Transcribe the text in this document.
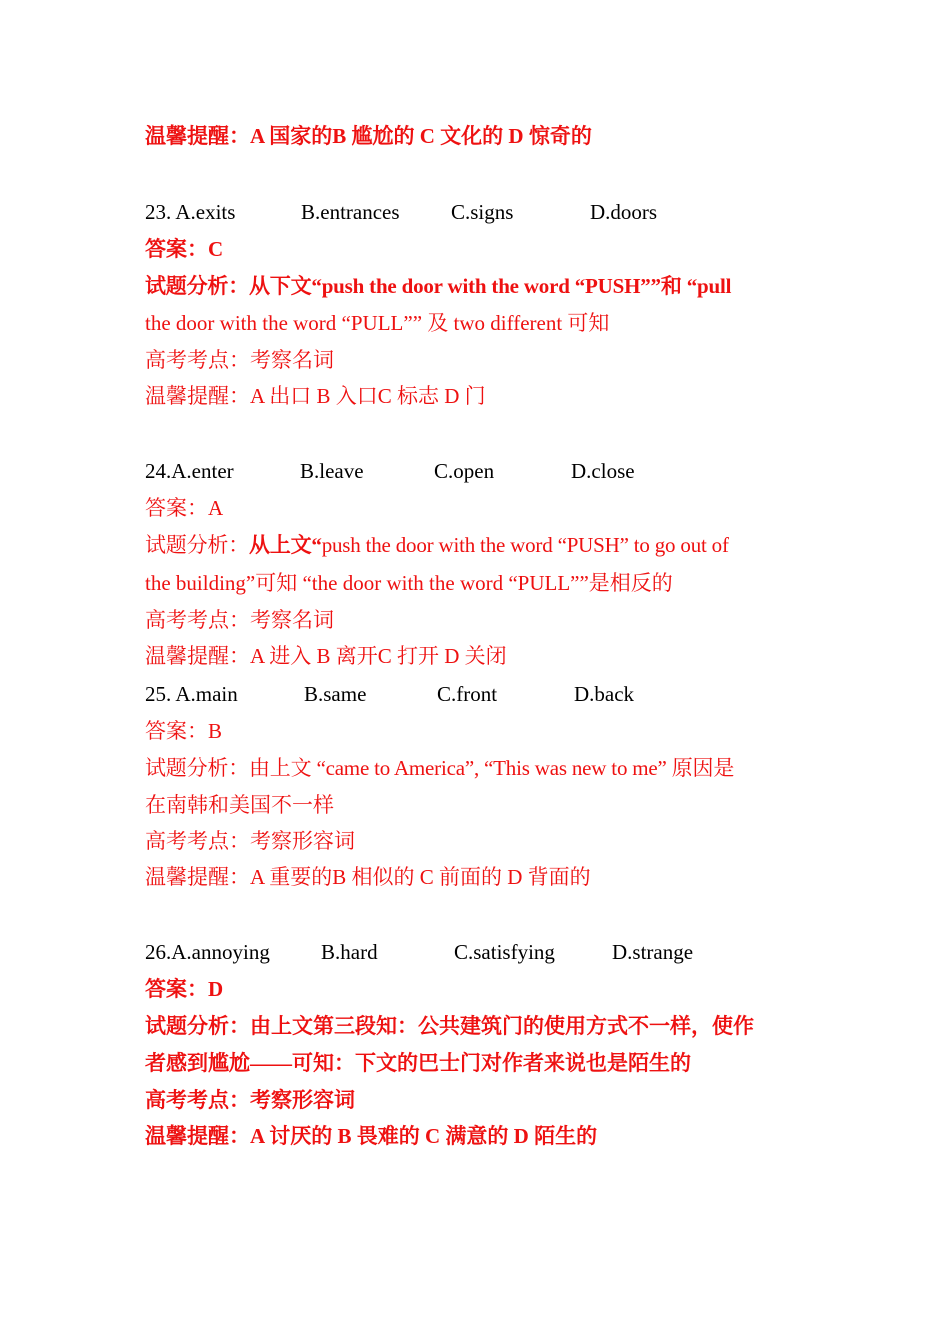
温馨提醒：A 国家的B 尴尬的 C 文化的 D 惊奇的
23. A.exits	B.entrances C.signs	D.doors
答案：C
试题分析：从下文“push the door with the word “PUSH””和 “pull
the door with the word “PULL”” 及 two different 可知
高考考点：考察名词
温馨提醒：A 出口 B 入口C 标志 D 门
24.A.enter	B.leave	C.open	D.close
答案：A
试题分析：从上文“push the door with the word “PUSH” to go out of
the building”可知 “the door with the word “PULL””是相反的
高考考点：考察名词
温馨提醒：A 进入 B 离开C 打开 D 关闭
25. A.main	B.same	C.front	D.back
答案：B
试题分析：由上文 “came to America”, “This was new to me” 原因是
在南韩和美国不一样
高考考点：考察形容词
温馨提醒：A 重要的B 相似的 C 前面的 D 背面的
26.A.annoying B.hard	C.satisfying	D.strange
答案：D
试题分析：由上文第三段知：公共建筑门的使用方式不一样，使作
者感到尴尬——可知：下文的巴士门对作者来说也是陌生的
高考考点：考察形容词
温馨提醒：A 讨厌的 B 畏难的 C 满意的 D 陌生的
